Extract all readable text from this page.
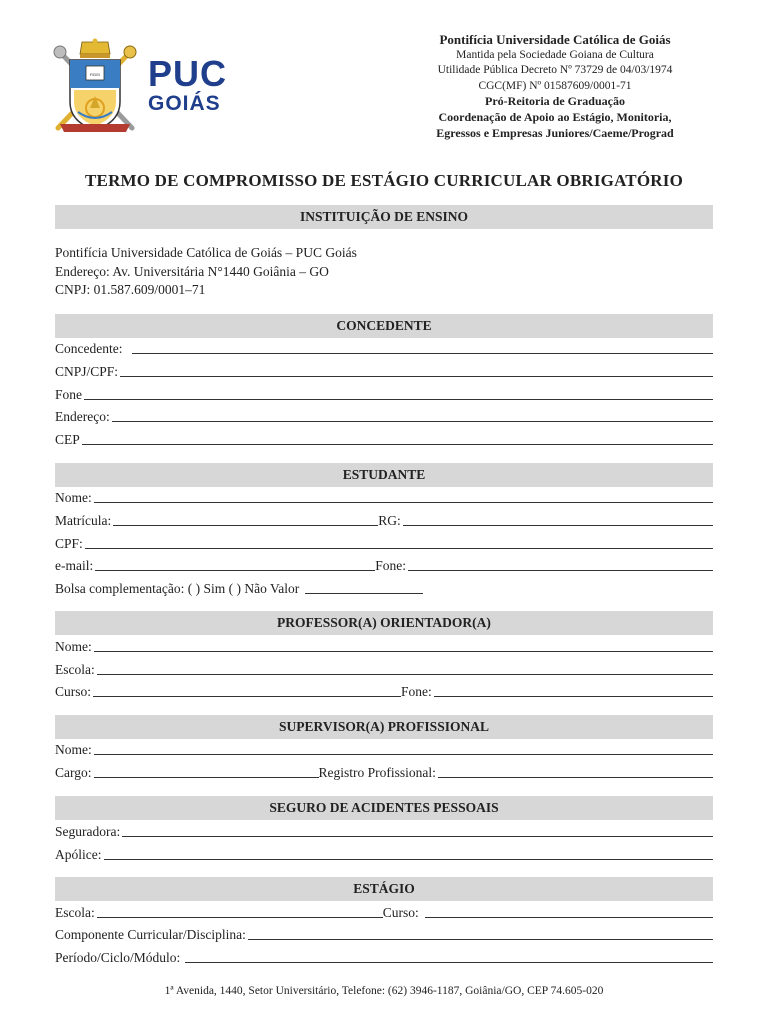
FIDEI PUC
GOIÁS
Pontifícia Universidade Católica de Goiás
Mantida pela Sociedade Goiana de Cultura
Utilidade Pública Decreto Nº 73729 de 04/03/1974
CGC(MF) Nº 01587609/0001-71
Pró-Reitoria de Graduação
Coordenação de Apoio ao Estágio, Monitoria,
Egressos e Empresas Juniores/Caeme/Prograd
TERMO DE COMPROMISSO DE ESTÁGIO CURRICULAR OBRIGATÓRIO
INSTITUIÇÃO DE ENSINO
Pontifícia Universidade Católica de Goiás – PUC Goiás
Endereço: Av. Universitária N°1440 Goiânia – GO
CNPJ: 01.587.609/0001–71
CONCEDENTE
Concedente:
CNPJ/CPF:
Fone
Endereço:
CEP
ESTUDANTE
Nome:
Matrícula:	RG:
CPF:
e-mail:	Fone:
Bolsa complementação: ( ) Sim ( ) Não Valor
PROFESSOR(A) ORIENTADOR(A)
Nome:
Escola:
Curso:	Fone:
SUPERVISOR(A) PROFISSIONAL
Nome:
Cargo:	Registro Profissional:
SEGURO DE ACIDENTES PESSOAIS
Seguradora:
Apólice:
ESTÁGIO
Escola:	Curso:
Componente Curricular/Disciplina:
Período/Ciclo/Módulo:
1ª Avenida, 1440, Setor Universitário, Telefone: (62) 3946-1187, Goiânia/GO, CEP 74.605-020
